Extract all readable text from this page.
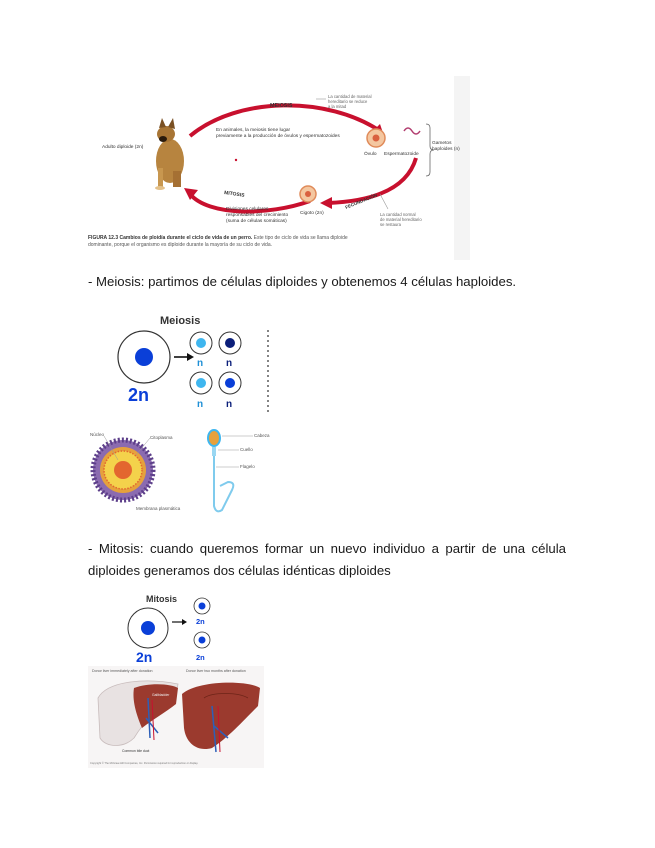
MEIOSIS
La cantidad de material
hereditario se reduce
a la mitad
En animales, la meiosis tiene lugar
previamente a la producción de óvulos y espermatozoides
Adulto diploide (2n)
Óvulo Espermatozoide
Gametos
haploides (n)
MITOSIS
Divisiones celulares
responsables del crecimiento
(suma de células somáticas)
Cigoto (2n)
FECUNDACIÓN
La cantidad normal
de material hereditario
se restaura
FIGURA 12.3 Cambios de ploidía durante el ciclo de vida de un perro. Este tipo de ciclo de vida se llama diploide
dominante, porque el organismo es diploide durante la mayoría de su ciclo de vida.
- Meiosis: partimos de células diploides y obtenemos 4 células haploides.
Meiosis
2n
n n
n n
Núcleo
Citoplasma
Membrana plasmática
Cabeza
Cuello
Flagelo
- Mitosis: cuando queremos formar un nuevo individuo a partir de una célula diploides generamos dos células idénticas diploides
Mitosis
2n
2n
2n
Donor liver immediately after donation	Donor liver two months after donation
Gallbladder
Common bile duct
Copyright © The McGraw-Hill Companies, Inc. Permission required for reproduction or display.
